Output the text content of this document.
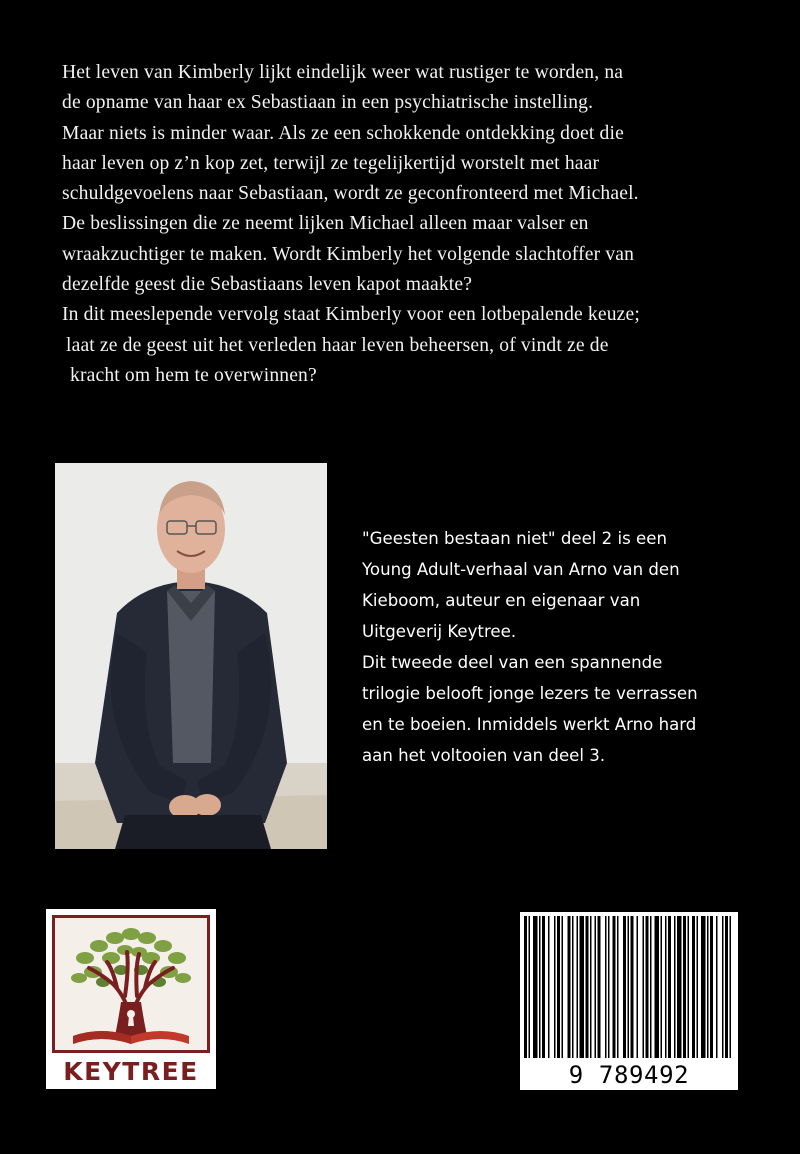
Het leven van Kimberly lijkt eindelijk weer wat rustiger te worden, na
de opname van haar ex Sebastiaan in een psychiatrische instelling.
Maar niets is minder waar. Als ze een schokkende ontdekking doet die
haar leven op z’n kop zet, terwijl ze tegelijkertijd worstelt met haar
schuldgevoelens naar Sebastiaan, wordt ze geconfronteerd met Michael.
De beslissingen die ze neemt lijken Michael alleen maar valser en
wraakzuchtiger te maken. Wordt Kimberly het volgende slachtoffer van
dezelfde geest die Sebastiaans leven kapot maakte?
In dit meeslepende vervolg staat Kimberly voor een lotbepalende keuze;
laat ze de geest uit het verleden haar leven beheersen, of vindt ze de
kracht om hem te overwinnen?
"Geesten bestaan niet" deel 2 is een
Young Adult-verhaal van Arno van den
Kieboom, auteur en eigenaar van
Uitgeverij Keytree.
Dit tweede deel van een spannende
trilogie belooft jonge lezers te verrassen
en te boeien. Inmiddels werkt Arno hard
aan het voltooien van deel 3.
KEYTREE	9 789492 719720
